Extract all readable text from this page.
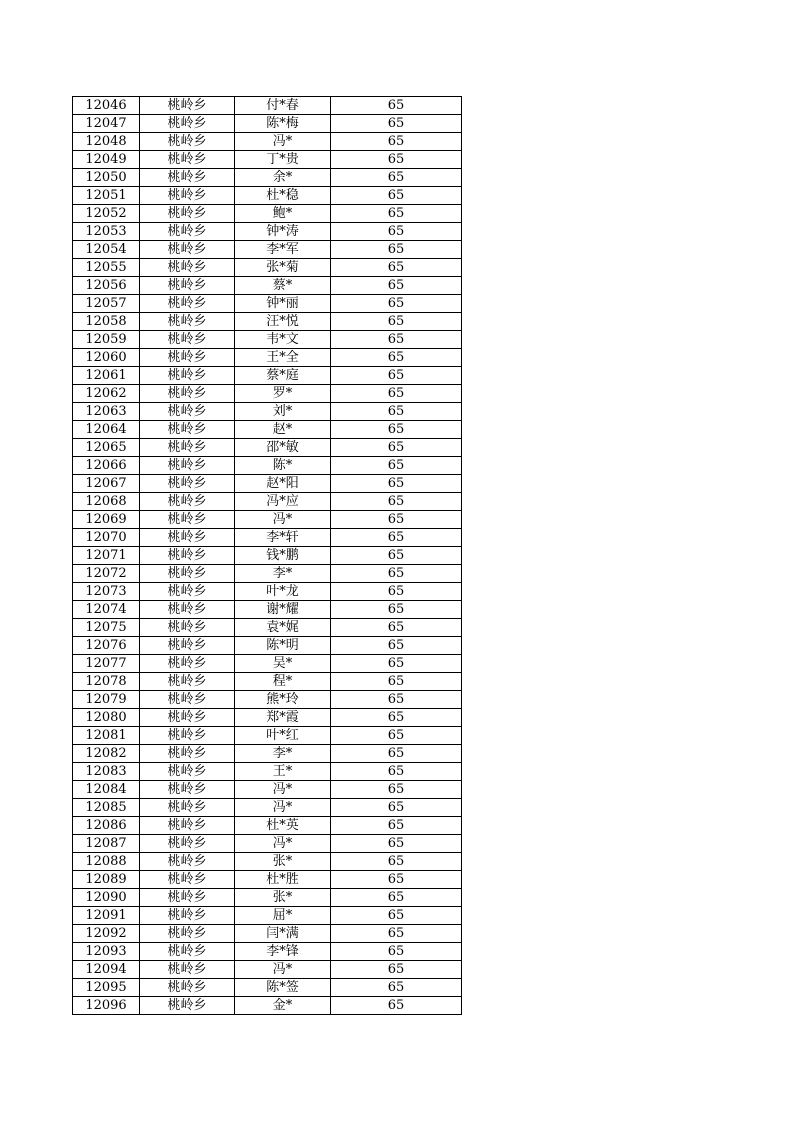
12046	桃岭乡	付*春	65
12047	桃岭乡	陈*梅	65
12048	桃岭乡	冯*	65
12049	桃岭乡	丁*贵	65
12050	桃岭乡	余*	65
12051	桃岭乡	杜*稳	65
12052	桃岭乡	鲍*	65
12053	桃岭乡	钟*涛	65
12054	桃岭乡	李*军	65
12055	桃岭乡	张*菊	65
12056	桃岭乡	蔡*	65
12057	桃岭乡	钟*丽	65
12058	桃岭乡	汪*悦	65
12059	桃岭乡	韦*文	65
12060	桃岭乡	王*全	65
12061	桃岭乡	蔡*庭	65
12062	桃岭乡	罗*	65
12063	桃岭乡	刘*	65
12064	桃岭乡	赵*	65
12065	桃岭乡	邵*敏	65
12066	桃岭乡	陈*	65
12067	桃岭乡	赵*阳	65
12068	桃岭乡	冯*应	65
12069	桃岭乡	冯*	65
12070	桃岭乡	李*轩	65
12071	桃岭乡	钱*鹏	65
12072	桃岭乡	李*	65
12073	桃岭乡	叶*龙	65
12074	桃岭乡	谢*耀	65
12075	桃岭乡	袁*娓	65
12076	桃岭乡	陈*明	65
12077	桃岭乡	吴*	65
12078	桃岭乡	程*	65
12079	桃岭乡	熊*玲	65
12080	桃岭乡	郑*霞	65
12081	桃岭乡	叶*红	65
12082	桃岭乡	李*	65
12083	桃岭乡	王*	65
12084	桃岭乡	冯*	65
12085	桃岭乡	冯*	65
12086	桃岭乡	杜*英	65
12087	桃岭乡	冯*	65
12088	桃岭乡	张*	65
12089	桃岭乡	杜*胜	65
12090	桃岭乡	张*	65
12091	桃岭乡	屈*	65
12092	桃岭乡	闫*满	65
12093	桃岭乡	李*锋	65
12094	桃岭乡	冯*	65
12095	桃岭乡	陈*签	65
12096	桃岭乡	金*	65
